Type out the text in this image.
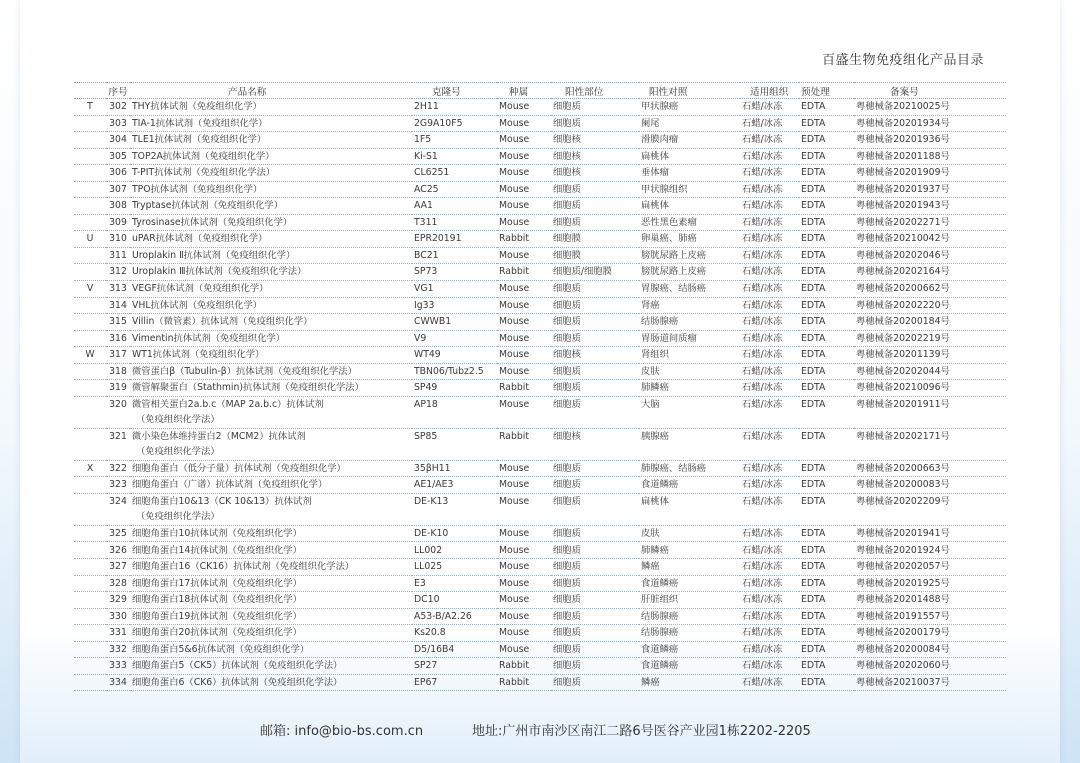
百盛生物免疫组化产品目录
	序号	产品名称	克隆号	种属	阳性部位	阳性对照	适用组织	预处理	备案号
T	302	THY抗体试剂（免疫组织化学）	2H11	Mouse	细胞质	甲状腺癌	石蜡/冰冻	EDTA	粤穗械备20210025号
	303	TIA-1抗体试剂（免疫组织化学）	2G9A10F5	Mouse	细胞质	阑尾	石蜡/冰冻	EDTA	粤穗械备20201934号
	304	TLE1抗体试剂（免疫组织化学）	1F5	Mouse	细胞核	滑膜肉瘤	石蜡/冰冻	EDTA	粤穗械备20201936号
	305	TOP2A抗体试剂（免疫组织化学）	Ki-S1	Mouse	细胞核	扁桃体	石蜡/冰冻	EDTA	粤穗械备20201188号
	306	T-PIT抗体试剂（免疫组织化学法）	CL6251	Mouse	细胞核	垂体瘤	石蜡/冰冻	EDTA	粤穗械备20201909号
	307	TPO抗体试剂（免疫组织化学）	AC25	Mouse	细胞质	甲状腺组织	石蜡/冰冻	EDTA	粤穗械备20201937号
	308	Tryptase抗体试剂（免疫组织化学）	AA1	Mouse	细胞质	扁桃体	石蜡/冰冻	EDTA	粤穗械备20201943号
	309	Tyrosinase抗体试剂（免疫组织化学）	T311	Mouse	细胞质	恶性黑色素瘤	石蜡/冰冻	EDTA	粤穗械备20202271号
U	310	uPAR抗体试剂（免疫组织化学）	EPR20191	Rabbit	细胞膜	卵巢癌、肺癌	石蜡/冰冻	EDTA	粤穗械备20210042号
	311	Uroplakin Ⅱ抗体试剂（免疫组织化学）	BC21	Mouse	细胞膜	膀胱尿路上皮癌	石蜡/冰冻	EDTA	粤穗械备20202046号
	312	Uroplakin Ⅲ抗体试剂（免疫组织化学法）	SP73	Rabbit	细胞质/细胞膜	膀胱尿路上皮癌	石蜡/冰冻	EDTA	粤穗械备20202164号
V	313	VEGF抗体试剂（免疫组织化学）	VG1	Mouse	细胞质	胃腺癌、结肠癌	石蜡/冰冻	EDTA	粤穗械备20200662号
	314	VHL抗体试剂（免疫组织化学）	Ig33	Mouse	细胞质	肾癌	石蜡/冰冻	EDTA	粤穗械备20202220号
	315	Villin（微管素）抗体试剂（免疫组织化学）	CWWB1	Mouse	细胞质	结肠腺癌	石蜡/冰冻	EDTA	粤穗械备20200184号
	316	Vimentin抗体试剂（免疫组织化学）	V9	Mouse	细胞质	胃肠道间质瘤	石蜡/冰冻	EDTA	粤穗械备20202219号
W	317	WT1抗体试剂（免疫组织化学）	WT49	Mouse	细胞核	肾组织	石蜡/冰冻	EDTA	粤穗械备20201139号
	318	微管蛋白β（Tubulin-β）抗体试剂（免疫组织化学法）	TBN06/Tubz2.5	Mouse	细胞质	皮肤	石蜡/冰冻	EDTA	粤穗械备20202044号
	319	微管解聚蛋白（Stathmin)抗体试剂（免疫组织化学法）	SP49	Rabbit	细胞质	肺鳞癌	石蜡/冰冻	EDTA	粤穗械备20210096号
	320	微管相关蛋白2a.b.c（MAP 2a.b.c）抗体试剂
（免疫组织化学法）	AP18	Mouse	细胞质	大脑	石蜡/冰冻	EDTA	粤穗械备20201911号
	321	微小染色体维持蛋白2（MCM2）抗体试剂
（免疫组织化学法）	SP85	Rabbit	细胞核	胰腺癌	石蜡/冰冻	EDTA	粤穗械备20202171号
X	322	细胞角蛋白（低分子量）抗体试剂（免疫组织化学）	35βH11	Mouse	细胞质	肺腺癌、结肠癌	石蜡/冰冻	EDTA	粤穗械备20200663号
	323	细胞角蛋白（广谱）抗体试剂（免疫组织化学）	AE1/AE3	Mouse	细胞质	食道鳞癌	石蜡/冰冻	EDTA	粤穗械备20200083号
	324	细胞角蛋白10&13（CK 10&13）抗体试剂
（免疫组织化学法）	DE-K13	Mouse	细胞质	扁桃体	石蜡/冰冻	EDTA	粤穗械备20202209号
	325	细胞角蛋白10抗体试剂（免疫组织化学）	DE-K10	Mouse	细胞质	皮肤	石蜡/冰冻	EDTA	粤穗械备20201941号
	326	细胞角蛋白14抗体试剂（免疫组织化学）	LL002	Mouse	细胞质	肺鳞癌	石蜡/冰冻	EDTA	粤穗械备20201924号
	327	细胞角蛋白16（CK16）抗体试剂（免疫组织化学法）	LL025	Mouse	细胞质	鳞癌	石蜡/冰冻	EDTA	粤穗械备20202057号
	328	细胞角蛋白17抗体试剂（免疫组织化学）	E3	Mouse	细胞质	食道鳞癌	石蜡/冰冻	EDTA	粤穗械备20201925号
	329	细胞角蛋白18抗体试剂（免疫组织化学）	DC10	Mouse	细胞质	肝脏组织	石蜡/冰冻	EDTA	粤穗械备20201488号
	330	细胞角蛋白19抗体试剂（免疫组织化学）	A53-B/A2.26	Mouse	细胞质	结肠腺癌	石蜡/冰冻	EDTA	粤穗械备20191557号
	331	细胞角蛋白20抗体试剂（免疫组织化学）	Ks20.8	Mouse	细胞质	结肠腺癌	石蜡/冰冻	EDTA	粤穗械备20200179号
	332	细胞角蛋白5&6抗体试剂（免疫组织化学）	D5/16B4	Mouse	细胞质	食道鳞癌	石蜡/冰冻	EDTA	粤穗械备20200084号
	333	细胞角蛋白5（CK5）抗体试剂（免疫组织化学法）	SP27	Rabbit	细胞质	食道鳞癌	石蜡/冰冻	EDTA	粤穗械备20202060号
	334	细胞角蛋白6（CK6）抗体试剂（免疫组织化学法）	EP67	Rabbit	细胞质	鳞癌	石蜡/冰冻	EDTA	粤穗械备20210037号
邮箱: info@bio-bs.com.cn	地址:广州市南沙区南江二路6号医谷产业园1栋2202-2205
